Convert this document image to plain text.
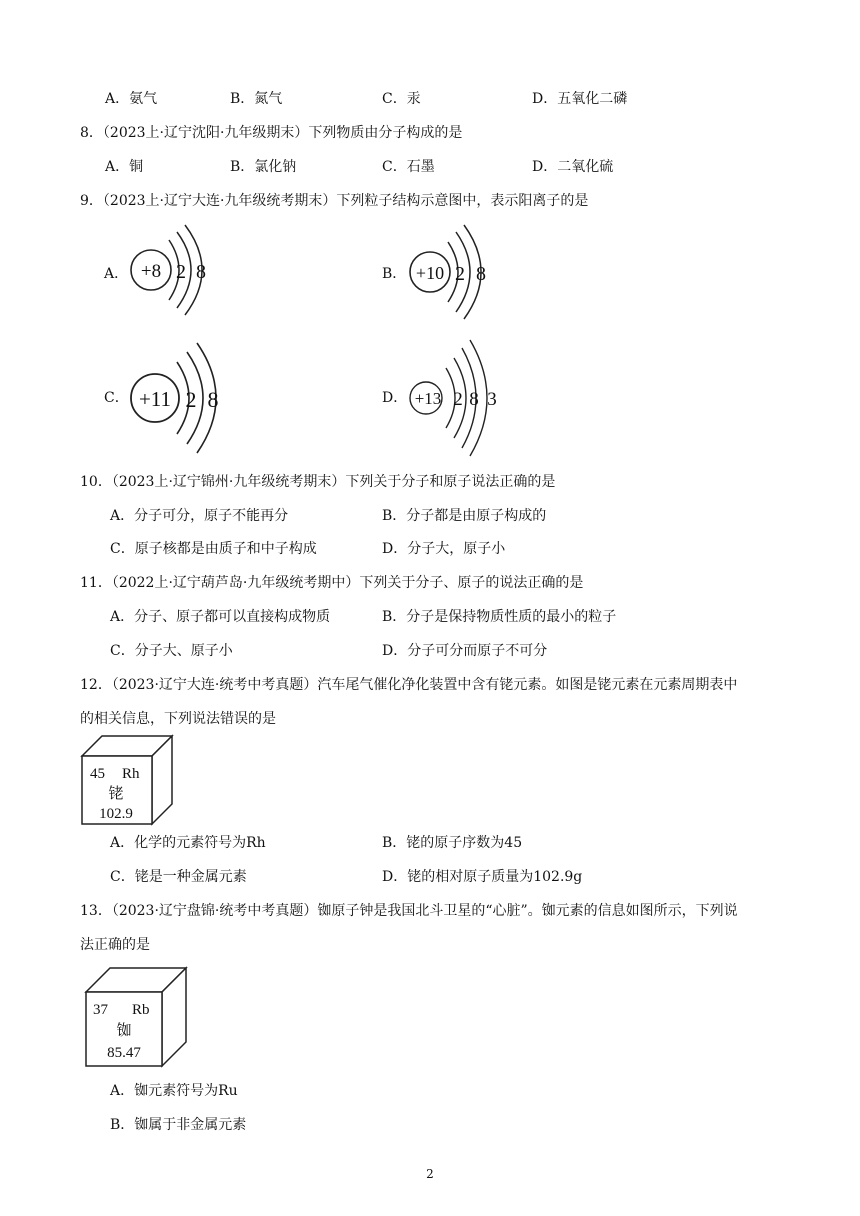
A．氨气	B．氮气	C．汞	D．五氧化二磷
8．（2023上·辽宁沈阳·九年级期末）下列物质由分子构成的是
A．铜	B．氯化钠	C．石墨	D．二氧化硫
9．（2023上·辽宁大连·九年级统考期末）下列粒子结构示意图中，表示阳离子的是
A． +8 2 8	B． +10 2 8
C． +11 2 8	D． +13 2 8 3
10．（2023上·辽宁锦州·九年级统考期末）下列关于分子和原子说法正确的是
A．分子可分，原子不能再分	B．分子都是由原子构成的
C．原子核都是由质子和中子构成	D．分子大，原子小
11．（2022上·辽宁葫芦岛·九年级统考期中）下列关于分子、原子的说法正确的是
A．分子、原子都可以直接构成物质	B．分子是保持物质性质的最小的粒子
C．分子大、原子小	D．分子可分而原子不可分
12．（2023·辽宁大连·统考中考真题）汽车尾气催化净化装置中含有铑元素。如图是铑元素在元素周期表中
的相关信息，下列说法错误的是
45 Rh
铑
102.9
A．化学的元素符号为Rh	B．铑的原子序数为45
C．铑是一种金属元素	D．铑的相对原子质量为102.9g
13．（2023·辽宁盘锦·统考中考真题）铷原子钟是我国北斗卫星的“心脏”。铷元素的信息如图所示，下列说
法正确的是
37 Rb
铷
85.47
A．铷元素符号为Ru
B．铷属于非金属元素
2
